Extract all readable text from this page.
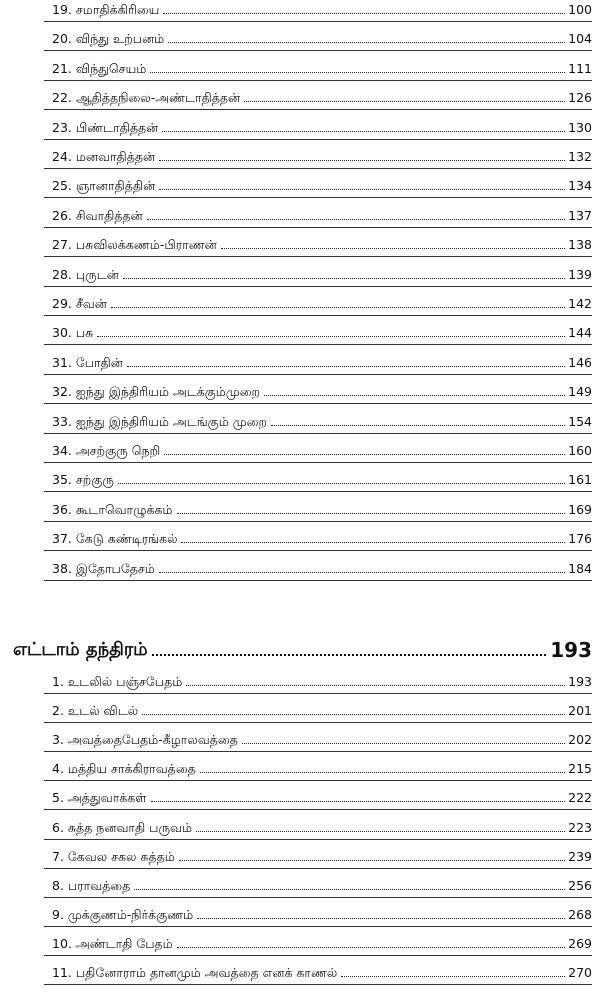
எட்டாம் தந்திரம்	193
19. சமாதிக்கிரியை	100
20. விந்து உற்பனம்	104
21. விந்துசெயம்	111
22. ஆதித்தநிலை-அண்டாதித்தன்	126
23. பிண்டாதித்தன்	130
24. மனவாதித்தன்	132
25. ஞானாதித்தின்	134
26. சிவாதித்தன்	137
27. பசுவிலக்கணம்-பிராணன்	138
28. புருடன்	139
29. சீவன்	142
30. பசு	144
31. போதின்	146
32. ஐந்து இந்திரியம் அடக்கும்முறை	149
33. ஐந்து இந்திரியம் அடங்கும் முறை	154
34. அசற்குரு நெறி	160
35. சற்குரு	161
36. கூடாவொழுக்கம்	169
37. கேடு கண்டிரங்கல்	176
38. இதோபதேசம்	184
1. உடலில் பஞ்சபேதம்	193
2. உடல் விடல்	201
3. அவத்தைபேதம்-கீழாலவத்தை	202
4. மத்திய சாக்கிராவத்தை	215
5. அத்துவாக்கள்	222
6. சுத்த நனவாதி பருவம்	223
7. கேவல சகல சுத்தம்	239
8. பராவத்தை	256
9. முக்குணம்-நிர்க்குணம்	268
10. அண்டாதி பேதம்	269
11. பதினோராம் தானமும் அவத்தை எனக் காணல்	270
